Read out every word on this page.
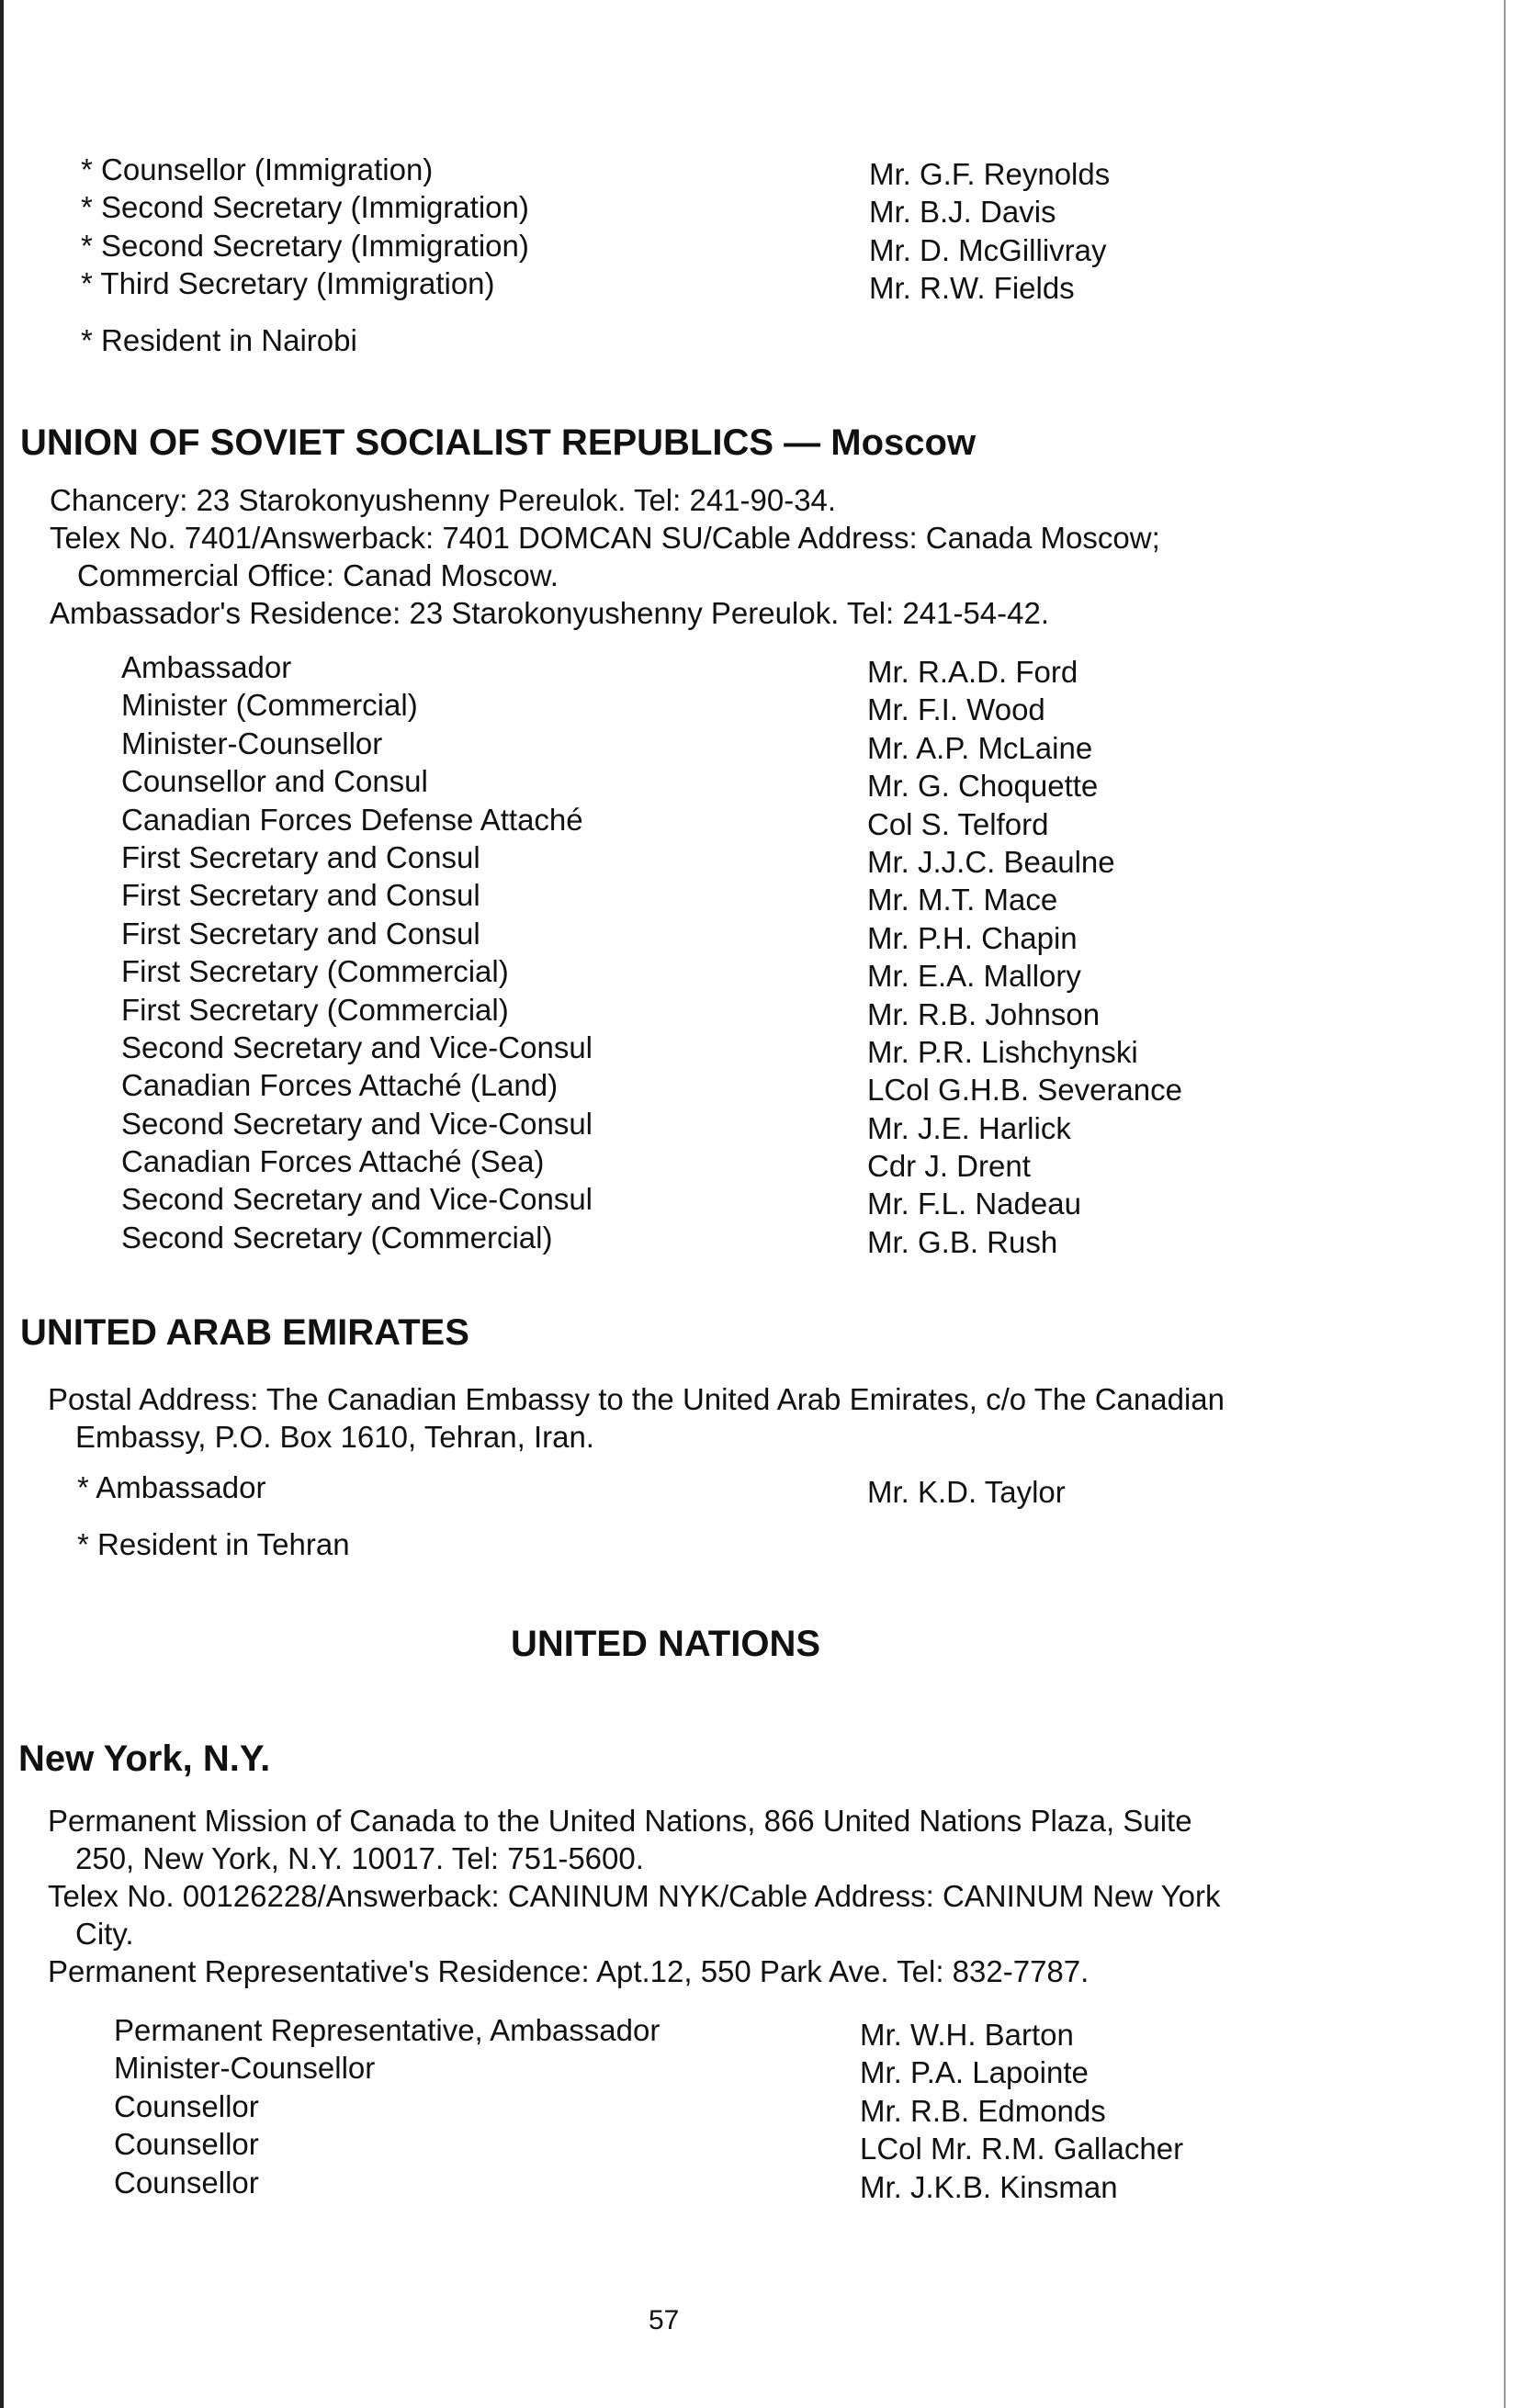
* Counsellor (Immigration)	Mr. G.F. Reynolds
* Second Secretary (Immigration)	Mr. B.J. Davis
* Second Secretary (Immigration)	Mr. D. McGillivray
* Third Secretary (Immigration)	Mr. R.W. Fields
* Resident in Nairobi
UNION OF SOVIET SOCIALIST REPUBLICS — Moscow
Chancery: 23 Starokonyushenny Pereulok. Tel: 241-90-34.
Telex No. 7401/Answerback: 7401 DOMCAN SU/Cable Address: Canada Moscow;
Commercial Office: Canad Moscow.
Ambassador's Residence: 23 Starokonyushenny Pereulok. Tel: 241-54-42.
Ambassador	Mr. R.A.D. Ford
Minister (Commercial)	Mr. F.I. Wood
Minister-Counsellor	Mr. A.P. McLaine
Counsellor and Consul	Mr. G. Choquette
Canadian Forces Defense Attaché	Col S. Telford
First Secretary and Consul	Mr. J.J.C. Beaulne
First Secretary and Consul	Mr. M.T. Mace
First Secretary and Consul	Mr. P.H. Chapin
First Secretary (Commercial)	Mr. E.A. Mallory
First Secretary (Commercial)	Mr. R.B. Johnson
Second Secretary and Vice-Consul	Mr. P.R. Lishchynski
Canadian Forces Attaché (Land)	LCol G.H.B. Severance
Second Secretary and Vice-Consul	Mr. J.E. Harlick
Canadian Forces Attaché (Sea)	Cdr J. Drent
Second Secretary and Vice-Consul	Mr. F.L. Nadeau
Second Secretary (Commercial)	Mr. G.B. Rush
UNITED ARAB EMIRATES
Postal Address: The Canadian Embassy to the United Arab Emirates, c/o The Canadian
Embassy, P.O. Box 1610, Tehran, Iran.
* Ambassador	Mr. K.D. Taylor
* Resident in Tehran
UNITED NATIONS
New York, N.Y.
Permanent Mission of Canada to the United Nations, 866 United Nations Plaza, Suite
250, New York, N.Y. 10017. Tel: 751-5600.
Telex No. 00126228/Answerback: CANINUM NYK/Cable Address: CANINUM New York
City.
Permanent Representative's Residence: Apt.12, 550 Park Ave. Tel: 832-7787.
Permanent Representative, Ambassador	Mr. W.H. Barton
Minister-Counsellor	Mr. P.A. Lapointe
Counsellor	Mr. R.B. Edmonds
Counsellor	LCol Mr. R.M. Gallacher
Counsellor	Mr. J.K.B. Kinsman
57
